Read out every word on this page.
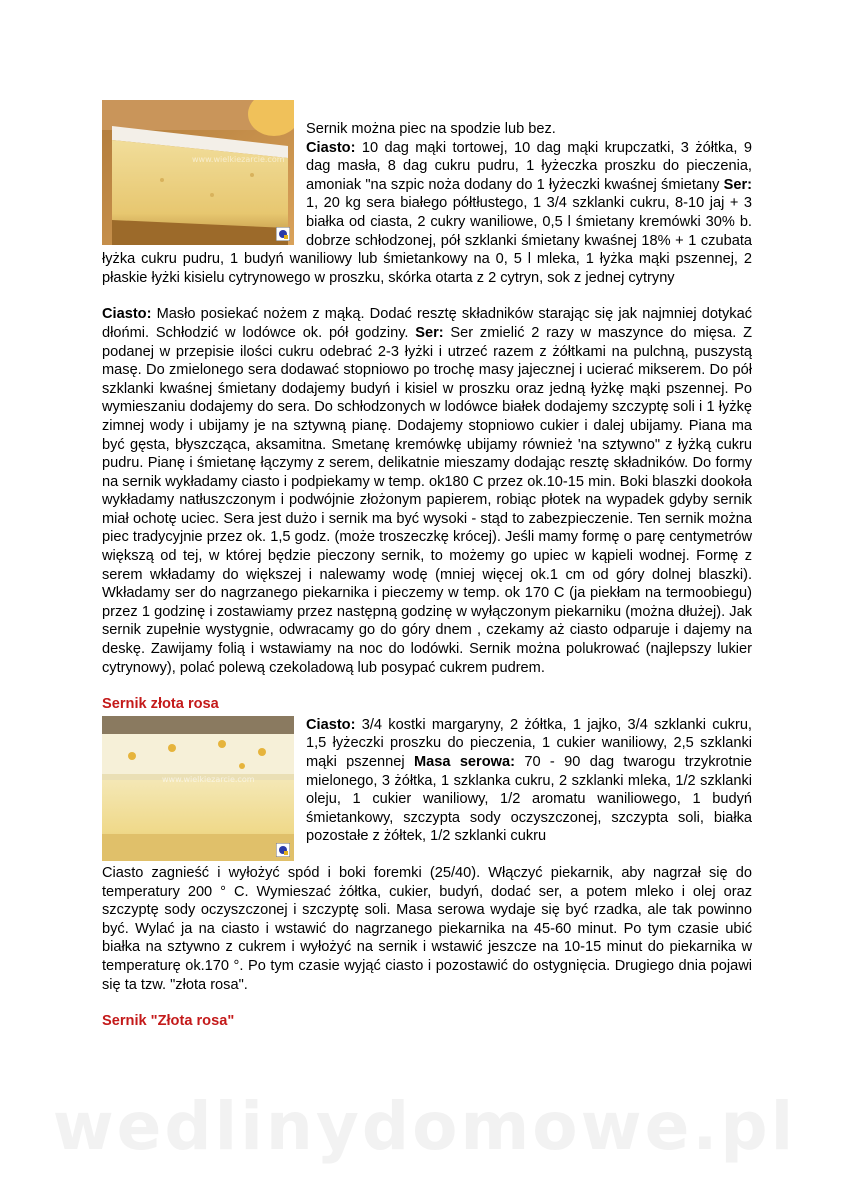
www.wielkiezarcie.com

Sernik można piec na spodzie lub bez.
Ciasto: 10 dag mąki tortowej, 10 dag mąki krupczatki, 3 żółtka, 9 dag masła, 8 dag cukru pudru, 1 łyżeczka proszku do pieczenia, amoniak "na szpic noża dodany do 1 łyżeczki kwaśnej śmietany Ser: 1, 20 kg sera białego półtłustego, 1 3/4 szklanki cukru, 8-10 jaj + 3 białka od ciasta, 2 cukry waniliowe, 0,5 l śmietany kremówki 30% b. dobrze schłodzonej, pół szklanki śmietany kwaśnej 18% + 1 czubata łyżka cukru pudru, 1 budyń waniliowy lub śmietankowy na 0, 5 l mleka, 1 łyżka mąki pszennej, 2 płaskie łyżki kisielu cytrynowego w proszku, skórka otarta z 2 cytryn, sok z jednej cytryny

Ciasto: Masło posiekać nożem z mąką. Dodać resztę składników starając się jak najmniej dotykać dłońmi. Schłodzić w lodówce ok. pół godziny. Ser: Ser zmielić 2 razy w maszynce do mięsa. Z podanej w przepisie ilości cukru odebrać 2-3 łyżki i utrzeć razem z żółtkami na pulchną, puszystą masę. Do zmielonego sera dodawać stopniowo po trochę masy jajecznej i ucierać mikserem. Do pół szklanki kwaśnej śmietany dodajemy budyń i kisiel w proszku oraz jedną łyżkę mąki pszennej. Po wymieszaniu dodajemy do sera. Do schłodzonych w lodówce białek dodajemy szczyptę soli i 1 łyżkę zimnej wody i ubijamy je na sztywną pianę. Dodajemy stopniowo cukier i dalej ubijamy. Piana ma być gęsta, błyszcząca, aksamitna. Smetanę kremówkę ubijamy również 'na sztywno" z łyżką cukru pudru. Pianę i śmietanę łączymy z serem, delikatnie mieszamy dodając resztę składników. Do formy na sernik wykładamy ciasto i podpiekamy w temp. ok180 C przez ok.10-15 min. Boki blaszki dookoła wykładamy natłuszczonym i podwójnie złożonym papierem, robiąc płotek na wypadek gdyby sernik miał ochotę uciec. Sera jest dużo i sernik ma być wysoki - stąd to zabezpieczenie. Ten sernik można piec tradycyjnie przez ok. 1,5 godz. (może troszeczkę krócej). Jeśli mamy formę o parę centymetrów większą od tej, w której będzie pieczony sernik, to możemy go upiec w kąpieli wodnej. Formę z serem wkładamy do większej i nalewamy wodę (mniej więcej ok.1 cm od góry dolnej blaszki). Wkładamy ser do nagrzanego piekarnika i pieczemy w temp. ok 170 C (ja piekłam na termoobiegu) przez 1 godzinę i zostawiamy przez następną godzinę w wyłączonym piekarniku (można dłużej). Jak sernik zupełnie wystygnie, odwracamy go do góry dnem , czekamy aż ciasto odparuje i dajemy na deskę. Zawijamy folią i wstawiamy na noc do lodówki. Sernik można polukrować (najlepszy lukier cytrynowy), polać polewą czekoladową lub posypać cukrem pudrem.

Sernik złota rosa

www.wielkiezarcie.com

Ciasto: 3/4 kostki margaryny, 2 żółtka, 1 jajko, 3/4 szklanki cukru, 1,5 łyżeczki proszku do pieczenia, 1 cukier waniliowy, 2,5 szklanki mąki pszennej Masa serowa: 70 - 90 dag twarogu trzykrotnie mielonego, 3 żółtka, 1 szklanka cukru, 2 szklanki mleka, 1/2 szklanki oleju, 1 cukier waniliowy, 1/2 aromatu waniliowego, 1 budyń śmietankowy, szczypta sody oczyszczonej, szczypta soli, białka pozostałe z żółtek, 1/2 szklanki cukru

Ciasto zagnieść i wyłożyć spód i boki foremki (25/40). Włączyć piekarnik, aby nagrzał się do temperatury 200 ° C. Wymieszać żółtka, cukier, budyń, dodać ser, a potem mleko i olej oraz szczyptę sody oczyszczonej i szczyptę soli. Masa serowa wydaje się być rzadka, ale tak powinno być. Wylać ja na ciasto i wstawić do nagrzanego piekarnika na 45-60 minut. Po tym czasie ubić białka na sztywno z cukrem i wyłożyć na sernik i wstawić jeszcze na 10-15 minut do piekarnika w temperaturę ok.170 °. Po tym czasie wyjąć ciasto i pozostawić do ostygnięcia. Drugiego dnia pojawi się ta tzw. "złota rosa".

Sernik "Złota rosa"

wedlinydomowe.pl
